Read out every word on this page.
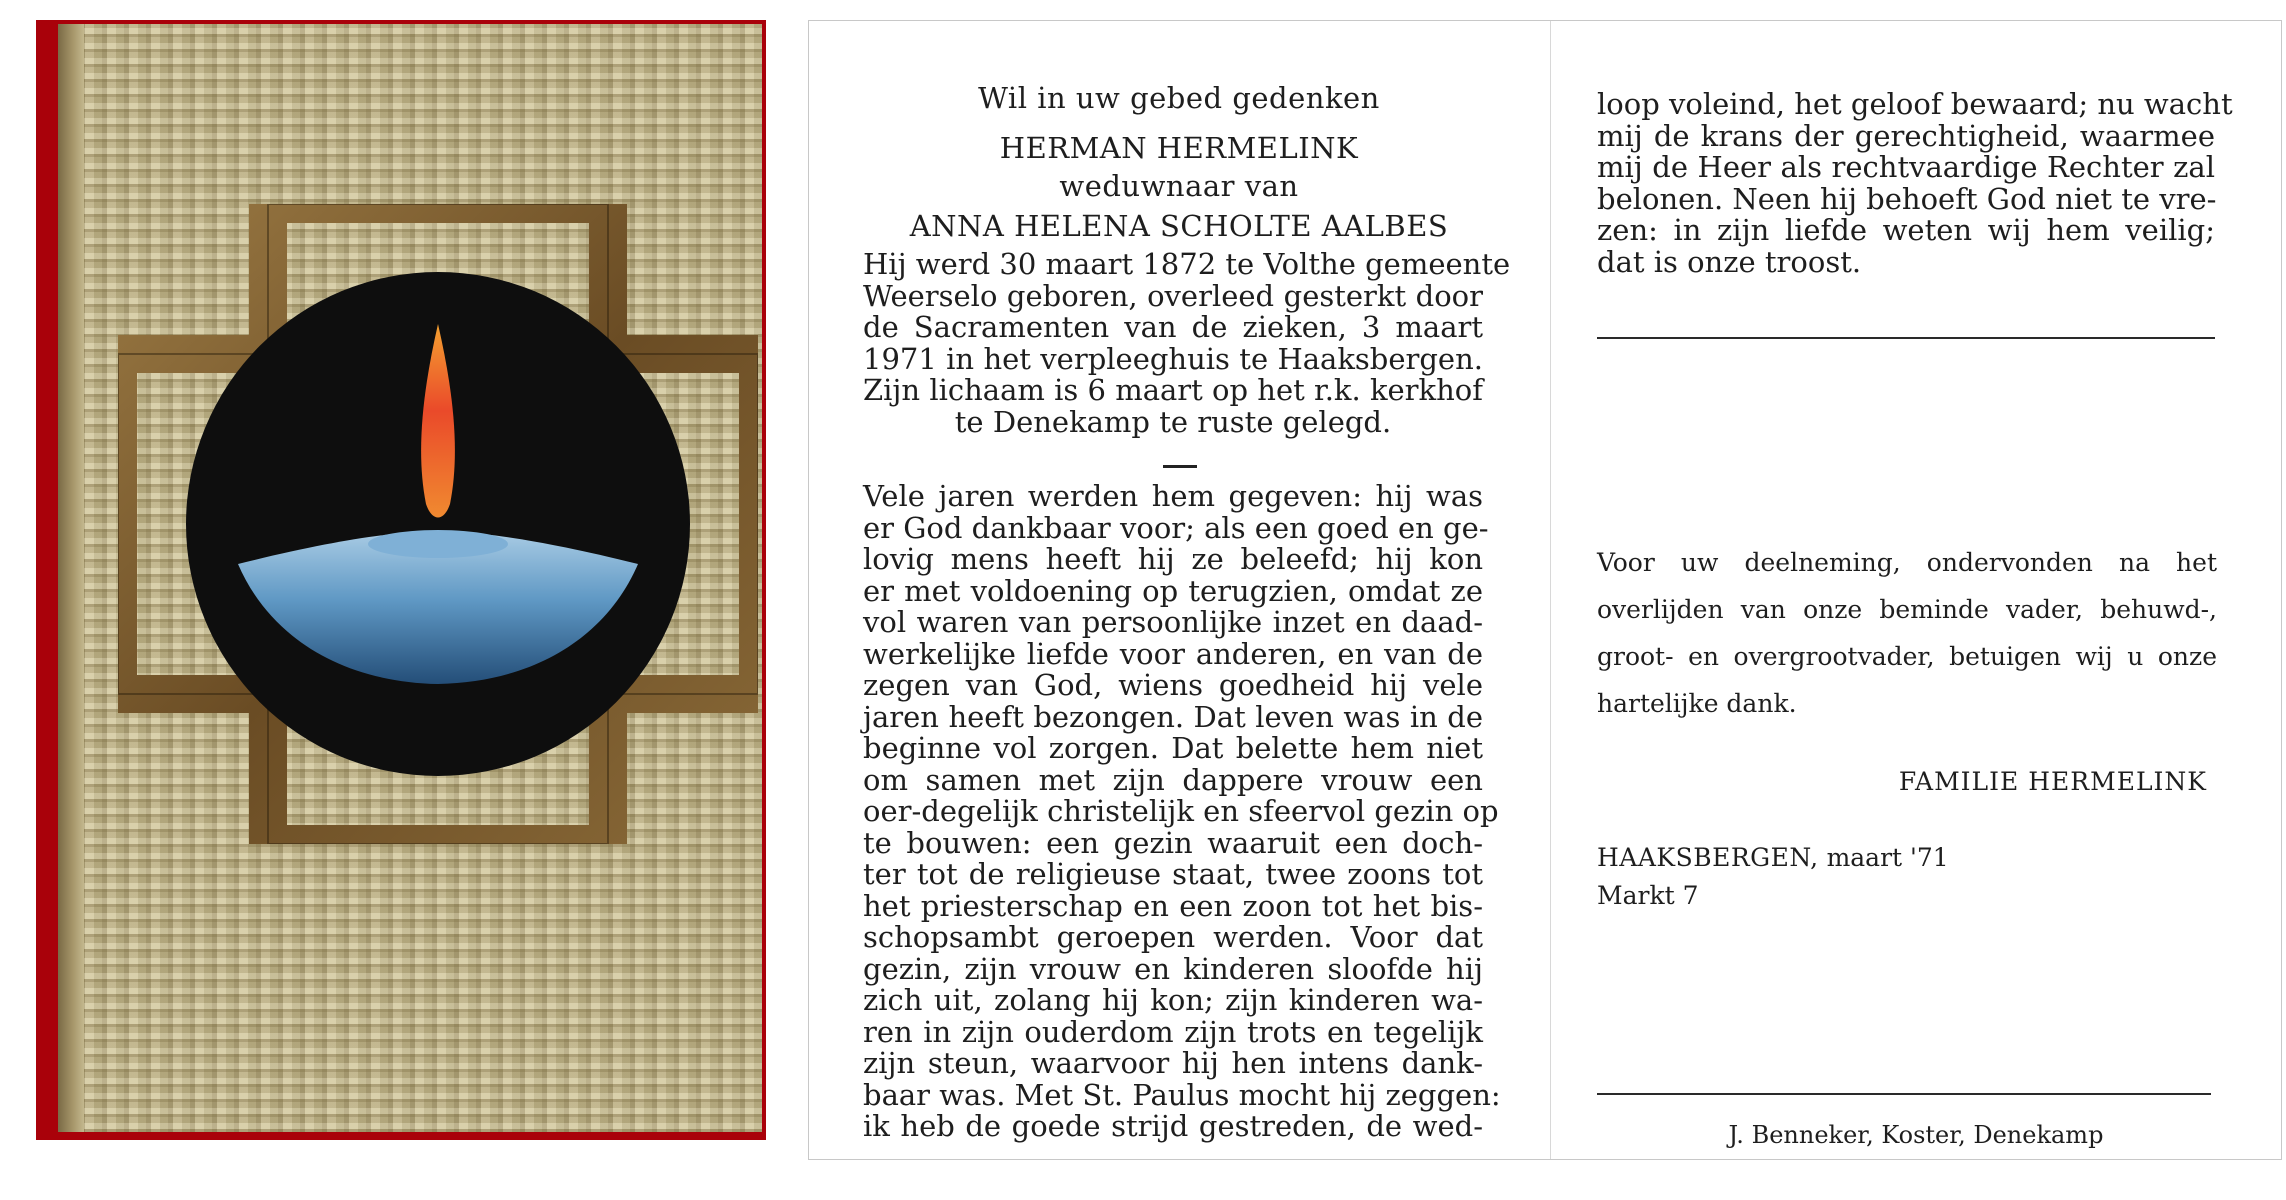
Wil in uw gebed gedenken
HERMAN HERMELINK
weduwnaar van
ANNA HELENA SCHOLTE AALBES
Hij werd 30 maart 1872 te Volthe gemeente
Weerselo geboren, overleed gesterkt door
de Sacramenten van de zieken, 3 maart
1971 in het verpleeghuis te Haaksbergen.
Zijn lichaam is 6 maart op het r.k. kerkhof
te Denekamp te ruste gelegd.
Vele jaren werden hem gegeven: hij was
er God dankbaar voor; als een goed en ge-
lovig mens heeft hij ze beleefd; hij kon
er met voldoening op terugzien, omdat ze
vol waren van persoonlijke inzet en daad-
werkelijke liefde voor anderen, en van de
zegen van God, wiens goedheid hij vele
jaren heeft bezongen. Dat leven was in de
beginne vol zorgen. Dat belette hem niet
om samen met zijn dappere vrouw een
oer-degelijk christelijk en sfeervol gezin op
te bouwen: een gezin waaruit een doch-
ter tot de religieuse staat, twee zoons tot
het priesterschap en een zoon tot het bis-
schopsambt geroepen werden. Voor dat
gezin, zijn vrouw en kinderen sloofde hij
zich uit, zolang hij kon; zijn kinderen wa-
ren in zijn ouderdom zijn trots en tegelijk
zijn steun, waarvoor hij hen intens dank-
baar was. Met St. Paulus mocht hij zeggen:
ik heb de goede strijd gestreden, de wed-
loop voleind, het geloof bewaard; nu wacht
mij de krans der gerechtigheid, waarmee
mij de Heer als rechtvaardige Rechter zal
belonen. Neen hij behoeft God niet te vre-
zen: in zijn liefde weten wij hem veilig;
dat is onze troost.
Voor uw deelneming, ondervonden na het
overlijden van onze beminde vader, behuwd-,
groot- en overgrootvader, betuigen wij u onze
hartelijke dank.
FAMILIE HERMELINK
HAAKSBERGEN, maart '71
Markt 7
J. Benneker, Koster, Denekamp
